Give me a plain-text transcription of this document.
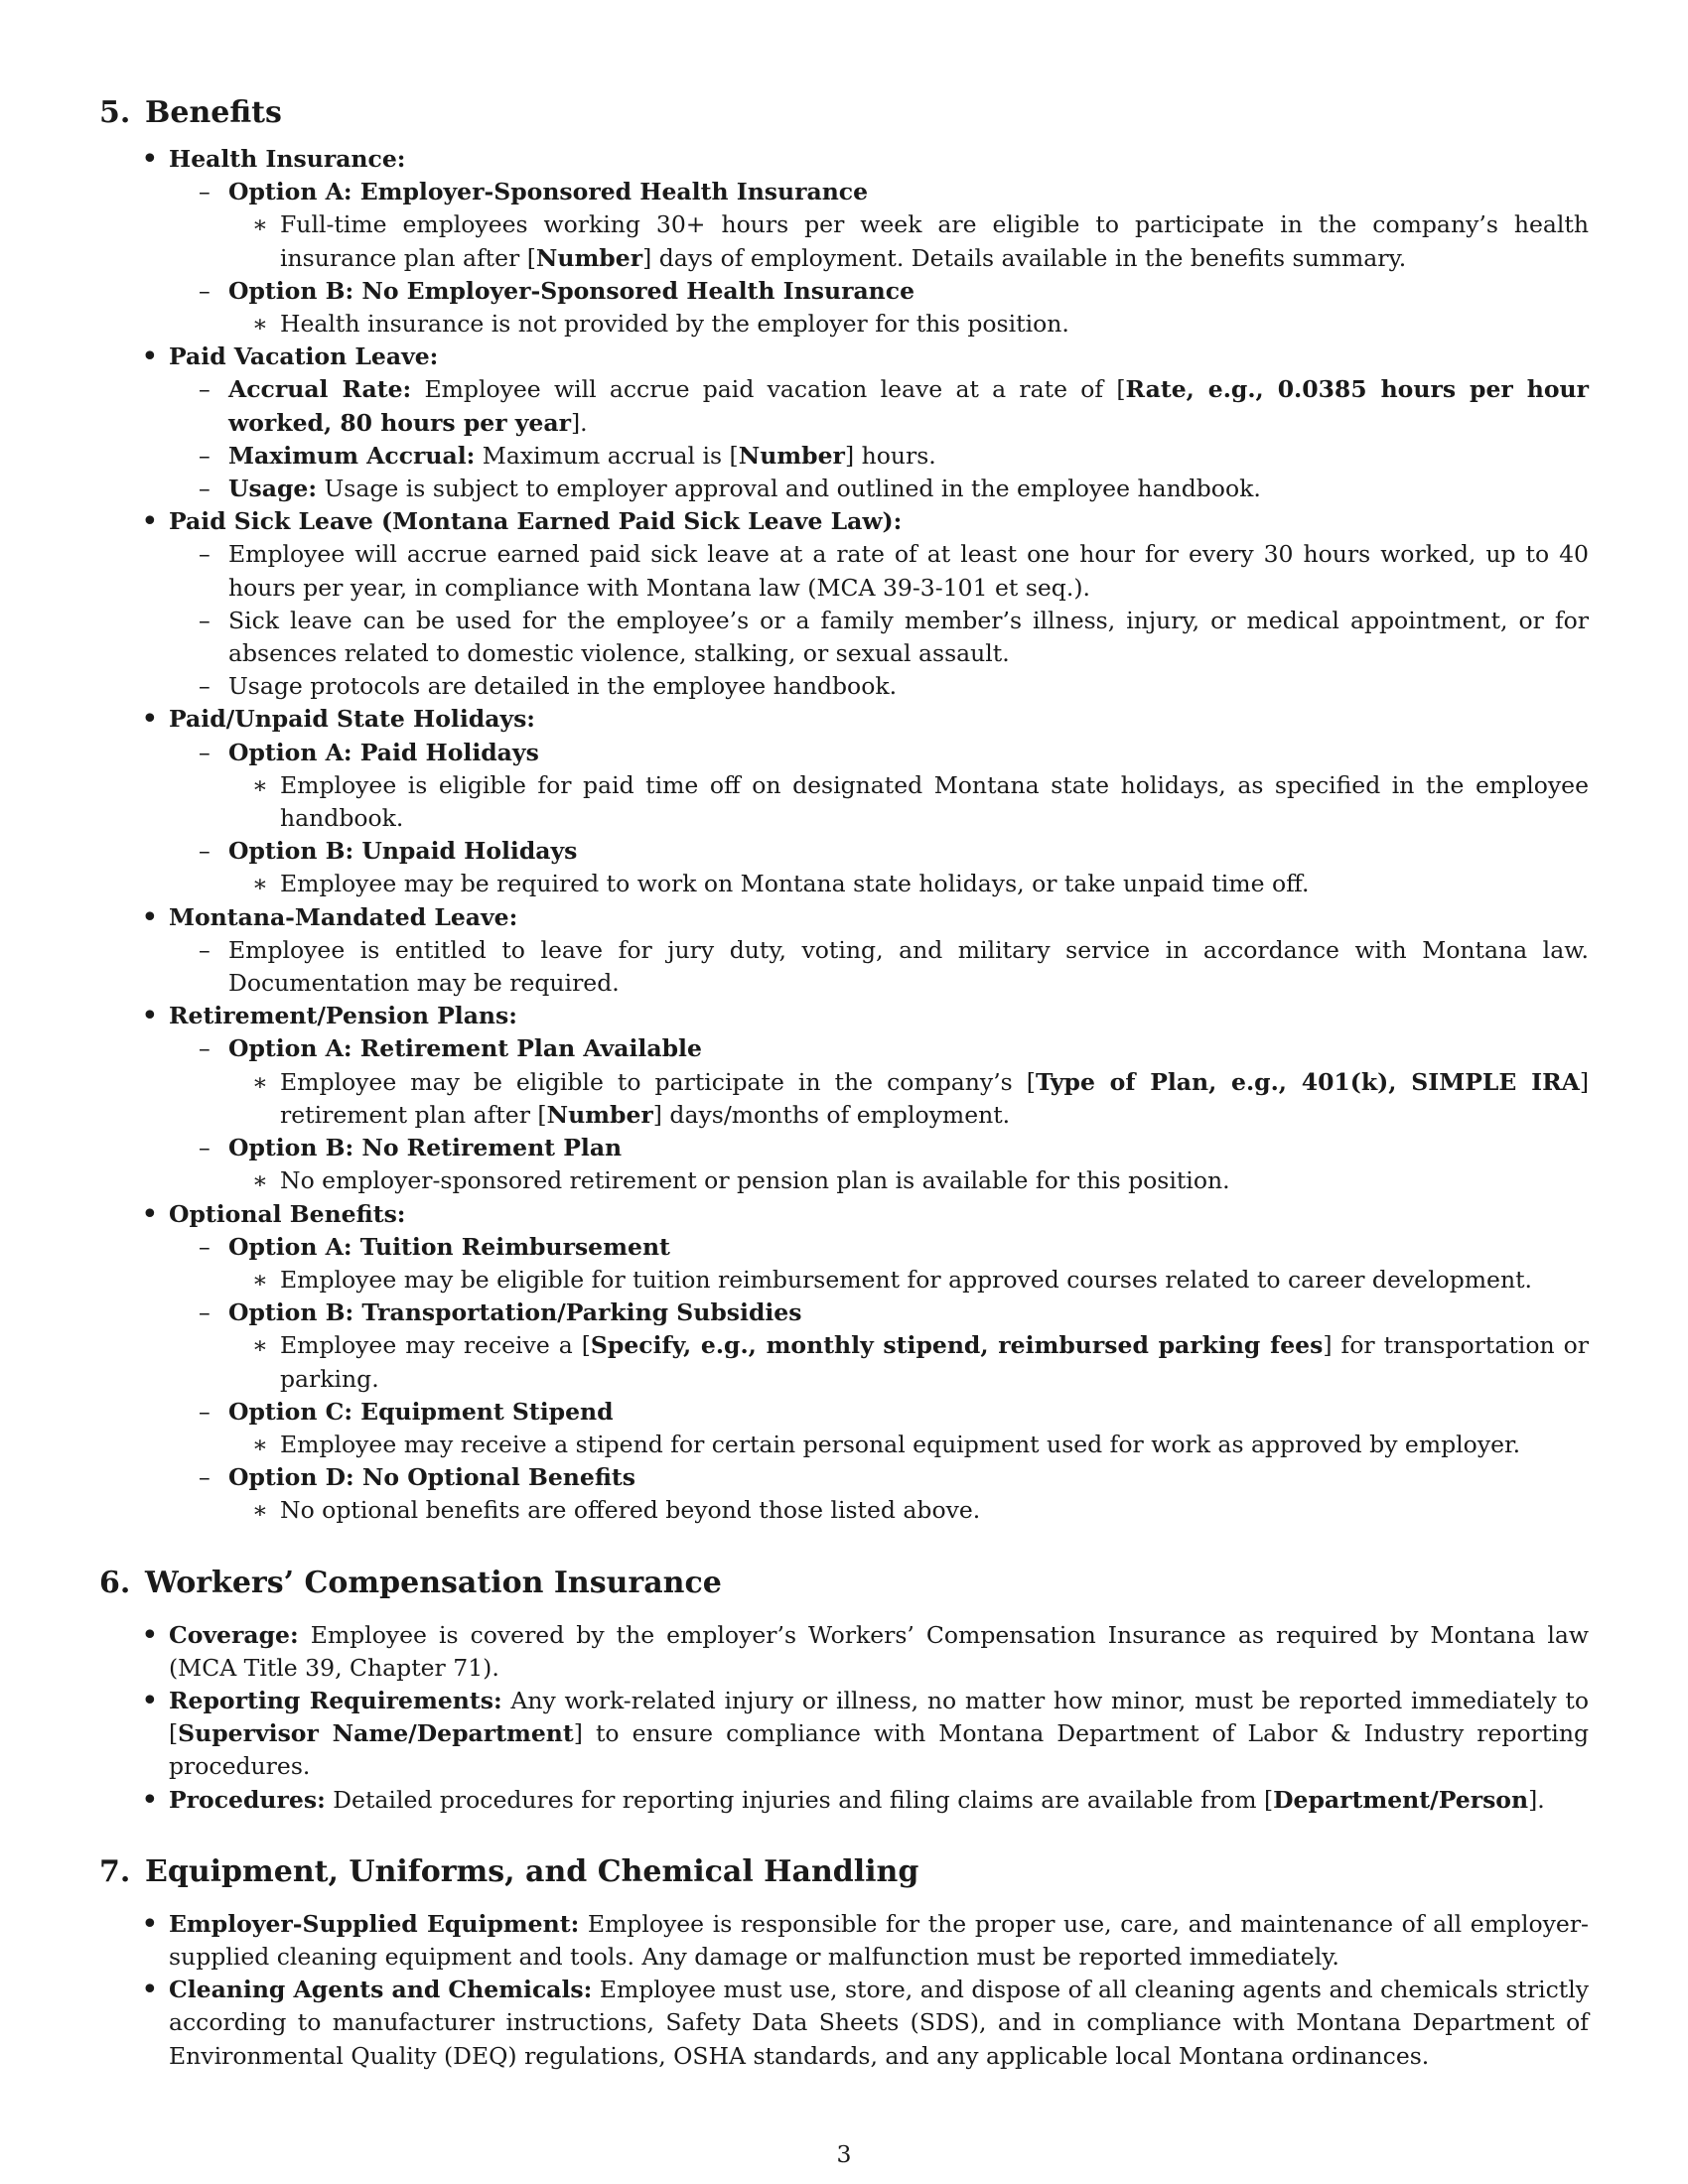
5. Benefits
• Health Insurance:
– Option A: Employer-Sponsored Health Insurance
∗ Full-time employees working 30+ hours per week are eligible to participate in the company’s health insurance plan after [Number] days of employment. Details available in the benefits summary.
– Option B: No Employer-Sponsored Health Insurance
∗ Health insurance is not provided by the employer for this position.
• Paid Vacation Leave:
– Accrual Rate: Employee will accrue paid vacation leave at a rate of [Rate, e.g., 0.0385 hours per hour worked, 80 hours per year].
– Maximum Accrual: Maximum accrual is [Number] hours.
– Usage: Usage is subject to employer approval and outlined in the employee handbook.
• Paid Sick Leave (Montana Earned Paid Sick Leave Law):
– Employee will accrue earned paid sick leave at a rate of at least one hour for every 30 hours worked, up to 40 hours per year, in compliance with Montana law (MCA 39-3-101 et seq.).
– Sick leave can be used for the employee’s or a family member’s illness, injury, or medical appointment, or for absences related to domestic violence, stalking, or sexual assault.
– Usage protocols are detailed in the employee handbook.
• Paid/Unpaid State Holidays:
– Option A: Paid Holidays
∗ Employee is eligible for paid time off on designated Montana state holidays, as specified in the employee handbook.
– Option B: Unpaid Holidays
∗ Employee may be required to work on Montana state holidays, or take unpaid time off.
• Montana-Mandated Leave:
– Employee is entitled to leave for jury duty, voting, and military service in accordance with Montana law. Documentation may be required.
• Retirement/Pension Plans:
– Option A: Retirement Plan Available
∗ Employee may be eligible to participate in the company’s [Type of Plan, e.g., 401(k), SIMPLE IRA] retirement plan after [Number] days/months of employment.
– Option B: No Retirement Plan
∗ No employer-sponsored retirement or pension plan is available for this position.
• Optional Benefits:
– Option A: Tuition Reimbursement
∗ Employee may be eligible for tuition reimbursement for approved courses related to career development.
– Option B: Transportation/Parking Subsidies
∗ Employee may receive a [Specify, e.g., monthly stipend, reimbursed parking fees] for transportation or parking.
– Option C: Equipment Stipend
∗ Employee may receive a stipend for certain personal equipment used for work as approved by employer.
– Option D: No Optional Benefits
∗ No optional benefits are offered beyond those listed above.
6. Workers’ Compensation Insurance
• Coverage: Employee is covered by the employer’s Workers’ Compensation Insurance as required by Montana law (MCA Title 39, Chapter 71).
• Reporting Requirements: Any work-related injury or illness, no matter how minor, must be reported immediately to [Supervisor Name/Department] to ensure compliance with Montana Department of Labor & Industry reporting procedures.
• Procedures: Detailed procedures for reporting injuries and filing claims are available from [Department/Person].
7. Equipment, Uniforms, and Chemical Handling
• Employer-Supplied Equipment: Employee is responsible for the proper use, care, and maintenance of all employer-supplied cleaning equipment and tools. Any damage or malfunction must be reported immediately.
• Cleaning Agents and Chemicals: Employee must use, store, and dispose of all cleaning agents and chemicals strictly according to manufacturer instructions, Safety Data Sheets (SDS), and in compliance with Montana Department of Environmental Quality (DEQ) regulations, OSHA standards, and any applicable local Montana ordinances.
3
